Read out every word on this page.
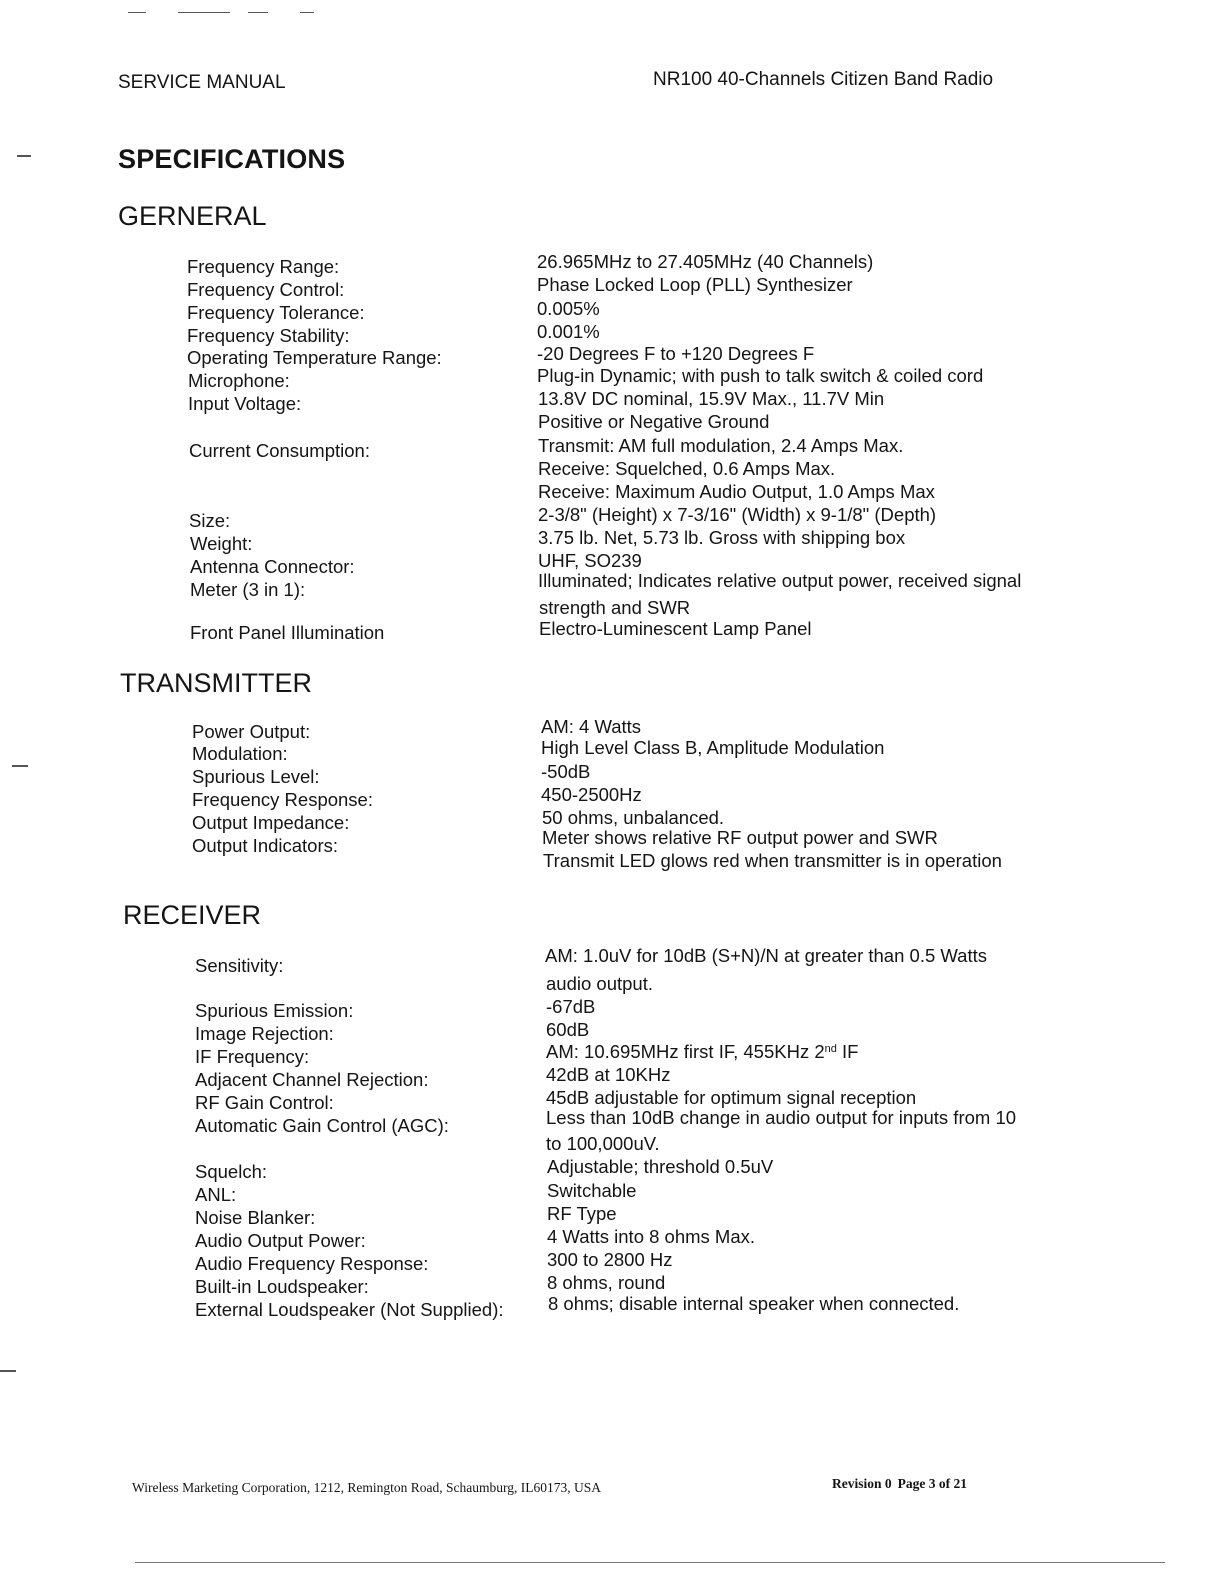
SERVICE MANUAL	NR100 40-Channels Citizen Band Radio
SPECIFICATIONS
GERNERAL
Frequency Range:	26.965MHz to 27.405MHz (40 Channels)
Frequency Control:	Phase Locked Loop (PLL) Synthesizer
Frequency Tolerance:	0.005%
Frequency Stability:	0.001%
Operating Temperature Range:	-20 Degrees F to +120 Degrees F
Microphone:	Plug-in Dynamic; with push to talk switch & coiled cord
Input Voltage:	13.8V DC nominal, 15.9V Max., 11.7V Min
Positive or Negative Ground
Current Consumption:	Transmit: AM full modulation, 2.4 Amps Max.
Receive: Squelched, 0.6 Amps Max.
Receive: Maximum Audio Output, 1.0 Amps Max
Size:	2-3/8" (Height) x 7-3/16" (Width) x 9-1/8" (Depth)
Weight:	3.75 lb. Net, 5.73 lb. Gross with shipping box
Antenna Connector:	UHF, SO239
Meter (3 in 1):	Illuminated; Indicates relative output power, received signal
strength and SWR
Front Panel Illumination	Electro-Luminescent Lamp Panel
TRANSMITTER
Power Output:	AM: 4 Watts
Modulation:	High Level Class B, Amplitude Modulation
Spurious Level:	-50dB
Frequency Response:	450-2500Hz
Output Impedance:	50 ohms, unbalanced.
Output Indicators:	Meter shows relative RF output power and SWR
Transmit LED glows red when transmitter is in operation
RECEIVER
Sensitivity:	AM: 1.0uV for 10dB (S+N)/N at greater than 0.5 Watts
audio output.
Spurious Emission:	-67dB
Image Rejection:	60dB
IF Frequency:	AM: 10.695MHz first IF, 455KHz 2nd IF
Adjacent Channel Rejection:	42dB at 10KHz
RF Gain Control:	45dB adjustable for optimum signal reception
Automatic Gain Control (AGC):	Less than 10dB change in audio output for inputs from 10
to 100,000uV.
Squelch:	Adjustable; threshold 0.5uV
ANL:	Switchable
Noise Blanker:	RF Type
Audio Output Power:	4 Watts into 8 ohms Max.
Audio Frequency Response:	300 to 2800 Hz
Built-in Loudspeaker:	8 ohms, round
External Loudspeaker (Not Supplied): 8 ohms; disable internal speaker when connected.
Wireless Marketing Corporation, 1212, Remington Road, Schaumburg, IL60173, USA	Revision 0 Page 3 of 21
